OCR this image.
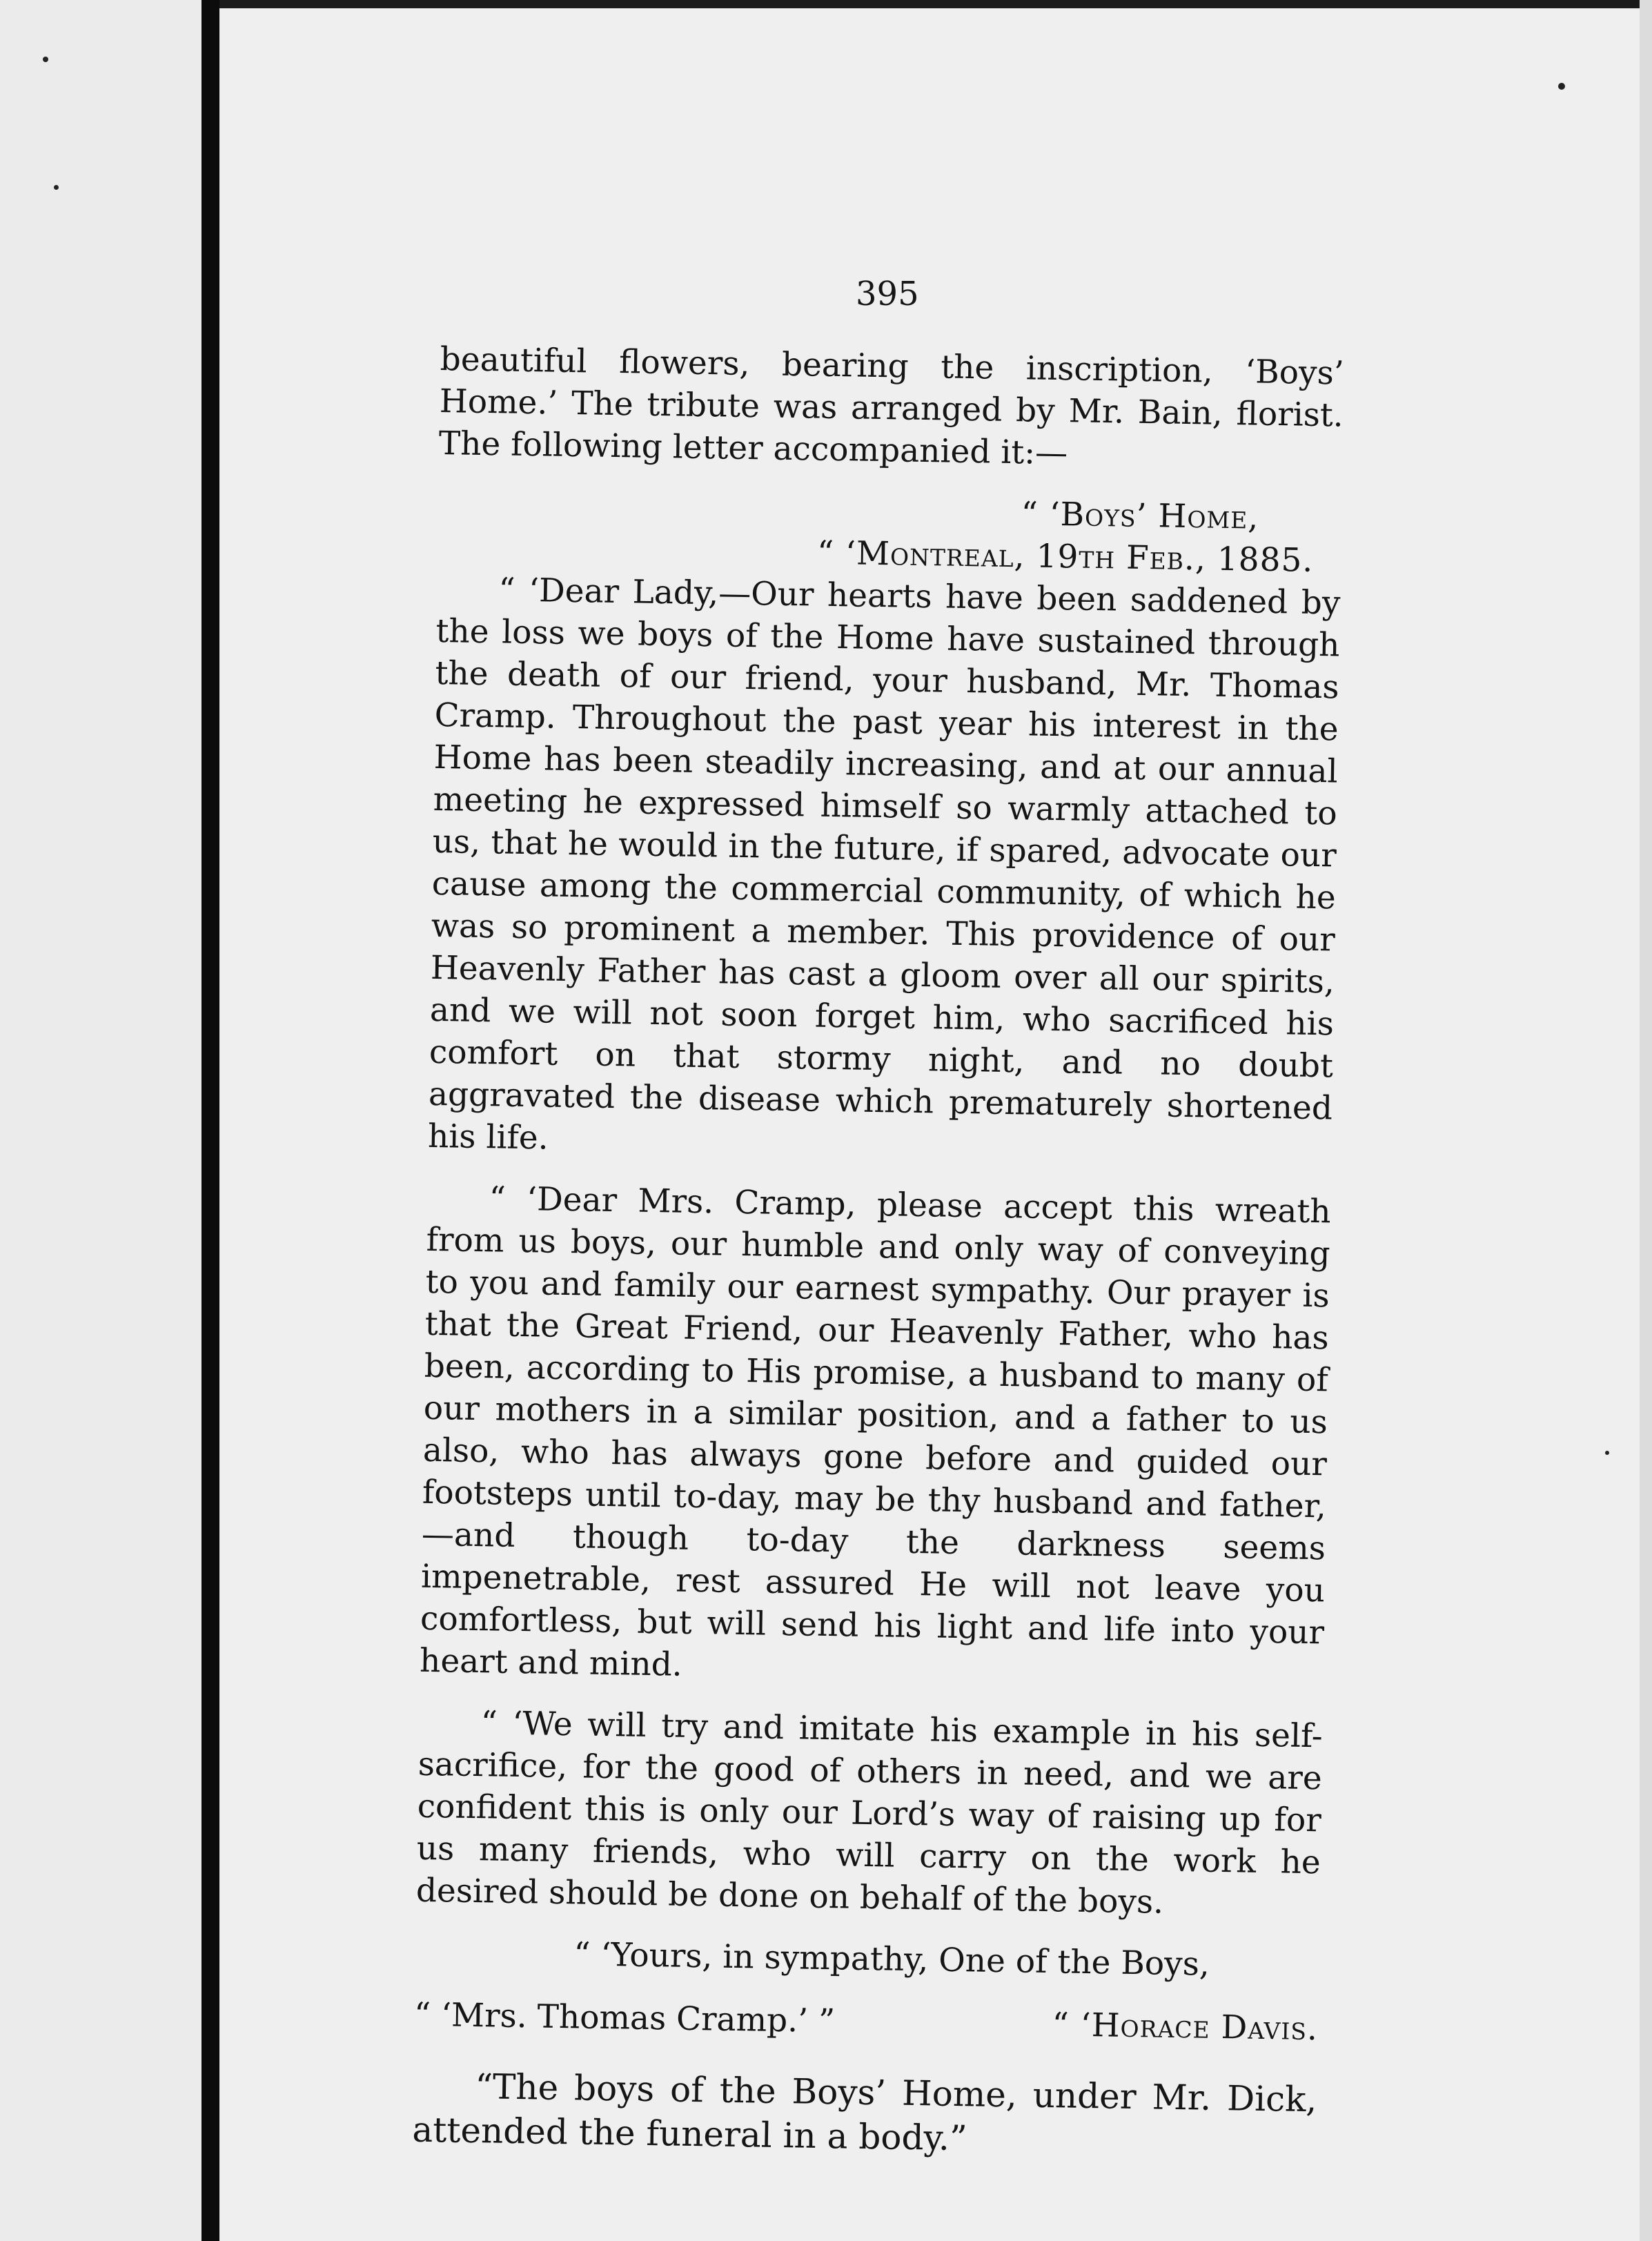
395

beautiful flowers, bearing the inscription, ‘Boys’ Home.’ The tribute was arranged by Mr. Bain, florist. The following letter accompanied it:—

“ ‘Boys’ Home,

“ ‘Montreal, 19th Feb., 1885.

“ ‘Dear Lady,—Our hearts have been saddened by the loss we boys of the Home have sustained through the death of our friend, your husband, Mr. Thomas Cramp. Throughout the past year his interest in the Home has been steadily increasing, and at our annual meeting he expressed himself so warmly attached to us, that he would in the future, if spared, advocate our cause among the commercial community, of which he was so prominent a member. This providence of our Heavenly Father has cast a gloom over all our spirits, and we will not soon forget him, who sacrificed his comfort on that stormy night, and no doubt aggravated the disease which prematurely shortened his life.

“ ‘Dear Mrs. Cramp, please accept this wreath from us boys, our humble and only way of conveying to you and family our earnest sympathy. Our prayer is that the Great Friend, our Heavenly Father, who has been, according to His promise, a husband to many of our mothers in a similar position, and a father to us also, who has always gone before and guided our footsteps until to-day, may be thy husband and father,—and though to-day the darkness seems impenetrable, rest assured He will not leave you comfortless, but will send his light and life into your heart and mind.

“ ‘We will try and imitate his example in his self-sacrifice, for the good of others in need, and we are confident this is only our Lord’s way of raising up for us many friends, who will carry on the work he desired should be done on behalf of the boys.

“ ‘Yours, in sympathy, One of the Boys,

“ ‘Mrs. Thomas Cramp.’ ”	“ ‘Horace Davis.

“The boys of the Boys’ Home, under Mr. Dick, attended the funeral in a body.”
